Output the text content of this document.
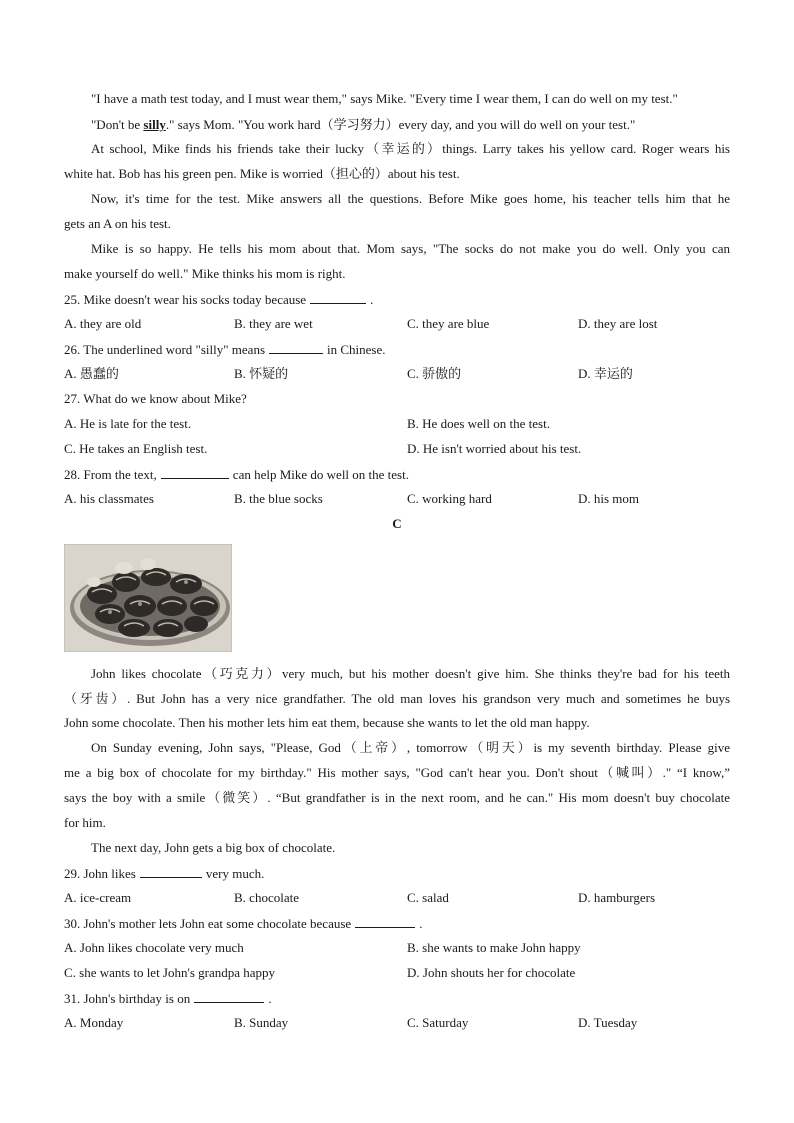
"I have a math test today, and I must wear them," says Mike. "Every time I wear them, I can do well on my test."
"Don't be silly." says Mom. "You work hard（学习努力）every day, and you will do well on your test."
At school, Mike finds his friends take their lucky（幸运的）things. Larry takes his yellow card. Roger wears his
white hat. Bob has his green pen. Mike is worried（担心的）about his test.
Now, it's time for the test. Mike answers all the questions. Before Mike goes home, his teacher tells him that he
gets an A on his test.
Mike is so happy. He tells his mom about that. Mom says, "The socks do not make you do well. Only you can
make yourself do well." Mike thinks his mom is right.
25. Mike doesn't wear his socks today because	.
A. they are old	B. they are wet	C. they are blue	D. they are lost
26. The underlined word "silly" means	in Chinese.
A. 愚蠢的	B. 怀疑的	C. 骄傲的	D. 幸运的
27. What do we know about Mike?
A. He is late for the test.	B. He does well on the test.
C. He takes an English test.	D. He isn't worried about his test.
28. From the text,	can help Mike do well on the test.
A. his classmates	B. the blue socks	C. working hard	D. his mom
C
John likes chocolate（巧克力）very much, but his mother doesn't give him. She thinks they're bad for his teeth
（牙齿）. But John has a very nice grandfather. The old man loves his grandson very much and sometimes he buys
John some chocolate. Then his mother lets him eat them, because she wants to let the old man happy.
On Sunday evening, John says, "Please, God（上帝）, tomorrow（明天）is my seventh birthday. Please give
me a big box of chocolate for my birthday." His mother says, "God can't hear you. Don't shout（喊叫）." “I know,”
says the boy with a smile（微笑）. “But grandfather is in the next room, and he can." His mom doesn't buy chocolate
for him.
The next day, John gets a big box of chocolate.
29. John likes	very much.
A. ice-cream	B. chocolate	C. salad	D. hamburgers
30. John's mother lets John eat some chocolate because	.
A. John likes chocolate very much	B. she wants to make John happy
C. she wants to let John's grandpa happy	D. John shouts her for chocolate
31. John's birthday is on	.
A. Monday	B. Sunday	C. Saturday	D. Tuesday
